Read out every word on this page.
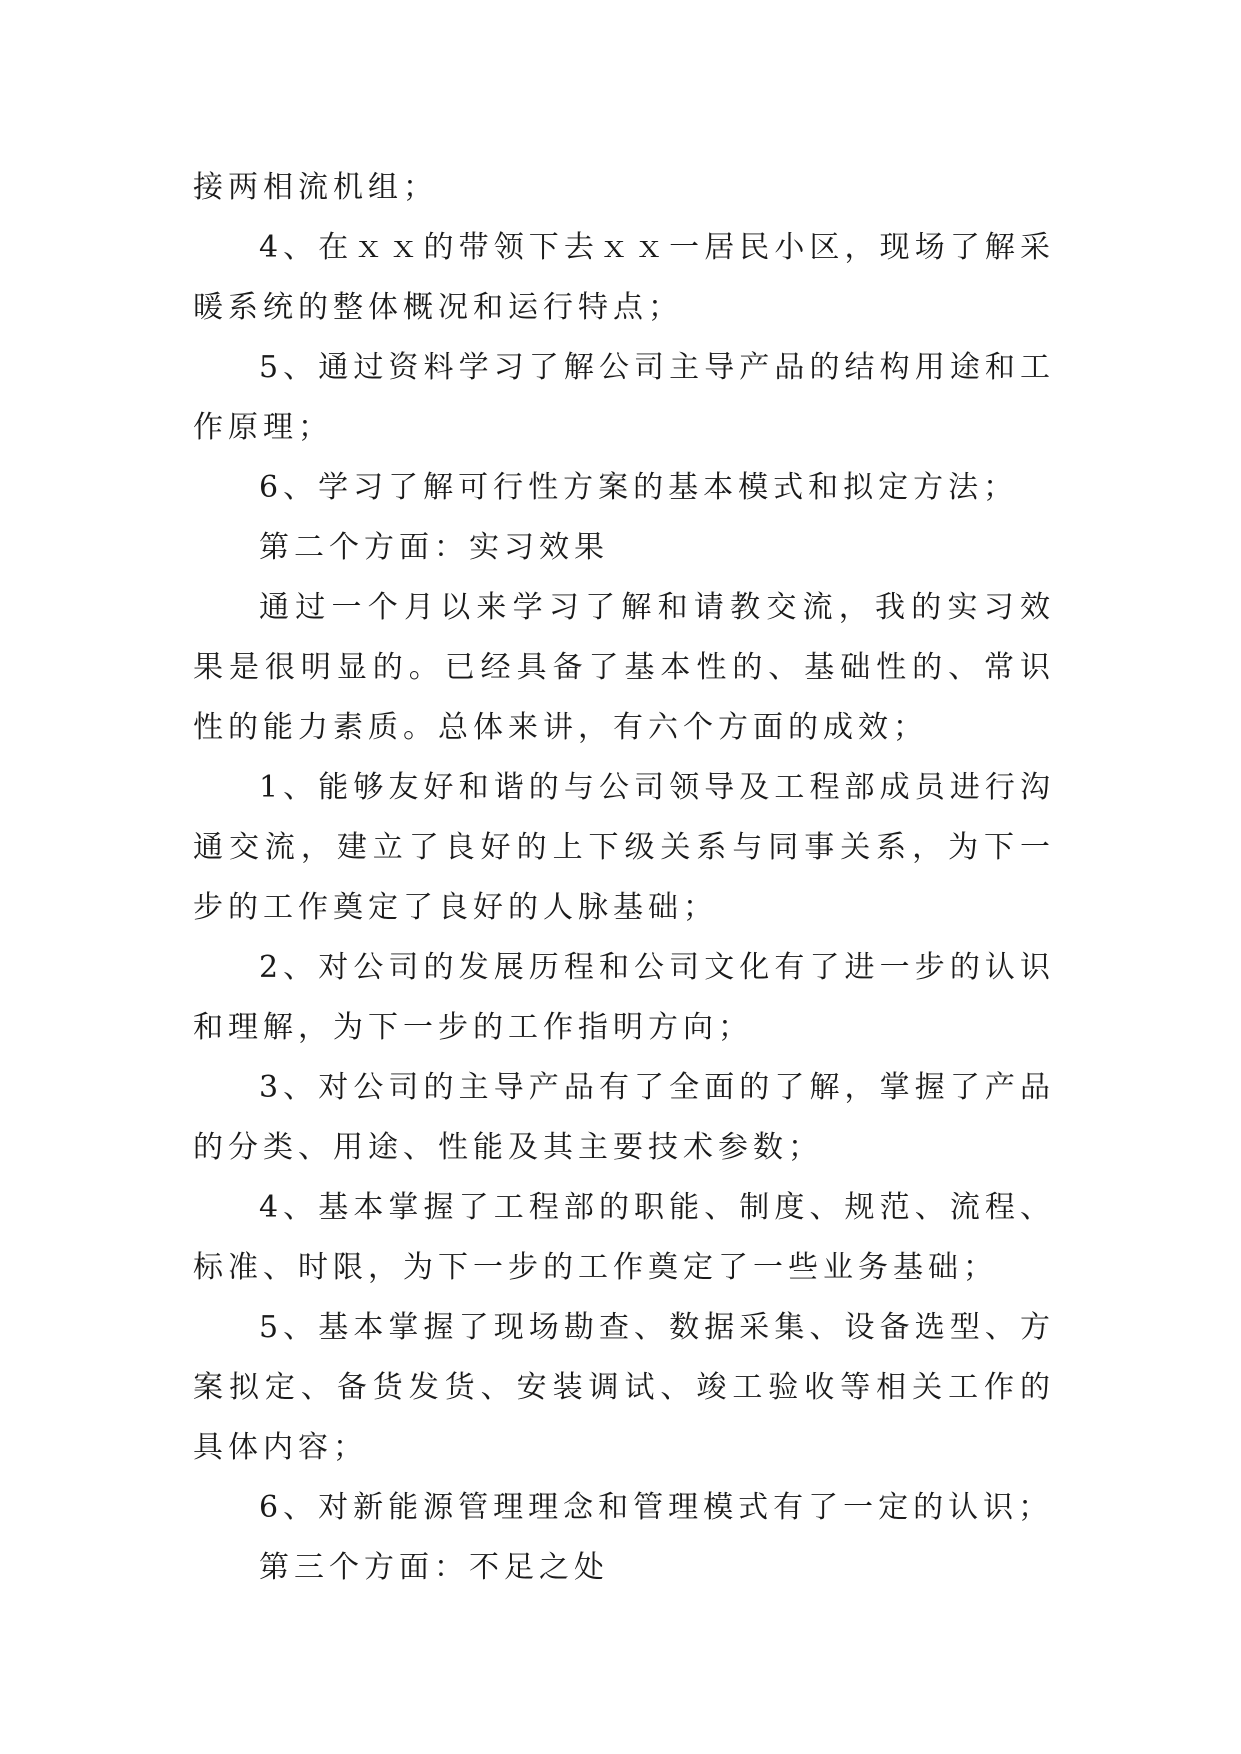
接两相流机组；

4、在ｘｘ的带领下去ｘｘ一居民小区，现场了解采暖系统的整体概况和运行特点；

5、通过资料学习了解公司主导产品的结构用途和工作原理；

6、学习了解可行性方案的基本模式和拟定方法；

第二个方面：实习效果

通过一个月以来学习了解和请教交流，我的实习效果是很明显的。已经具备了基本性的、基础性的、常识性的能力素质。总体来讲，有六个方面的成效；

1、能够友好和谐的与公司领导及工程部成员进行沟通交流，建立了良好的上下级关系与同事关系，为下一步的工作奠定了良好的人脉基础；

2、对公司的发展历程和公司文化有了进一步的认识和理解，为下一步的工作指明方向；

3、对公司的主导产品有了全面的了解，掌握了产品的分类、用途、性能及其主要技术参数；

4、基本掌握了工程部的职能、制度、规范、流程、标准、时限，为下一步的工作奠定了一些业务基础；

5、基本掌握了现场勘查、数据采集、设备选型、方案拟定、备货发货、安装调试、竣工验收等相关工作的具体内容；

6、对新能源管理理念和管理模式有了一定的认识；

第三个方面：不足之处
